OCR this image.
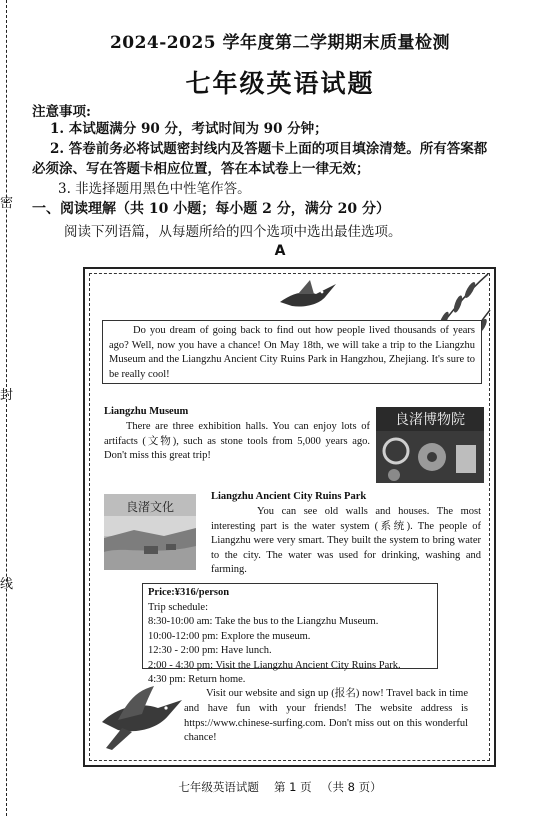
密
封
线
2024-2025 学年度第二学期期末质量检测
七年级英语试题
注意事项:
1. 本试题满分 90 分，考试时间为 90 分钟；
2. 答卷前务必将试题密封线内及答题卡上面的项目填涂清楚。所有答案都
必须涂、写在答题卡相应位置，答在本试卷上一律无效；
3. 非选择题用黑色中性笔作答。
一、阅读理解（共 10 小题；每小题 2 分，满分 20 分）
阅读下列语篇，从每题所给的四个选项中选出最佳选项。
A
Do you dream of going back to find out how people lived thousands of years ago? Well, now you have a chance! On May 18th, we will take a trip to the Liangzhu Museum and the Liangzhu Ancient City Ruins Park in Hangzhou, Zhejiang. It's sure to be really cool!
Liangzhu Museum
There are three exhibition halls. You can enjoy lots of artifacts (文物), such as stone tools from 5,000 years ago. Don't miss this great trip!
良渚博物院
良渚文化
Liangzhu Ancient City Ruins Park
You can see old walls and houses. The most interesting part is the water system (系统). The people of Liangzhu were very smart. They built the system to bring water to the city. The water was used for drinking, washing and farming.
Price:¥316/person
Trip schedule:
8:30-10:00 am: Take the bus to the Liangzhu Museum.
10:00-12:00 pm: Explore the museum.
12:30 - 2:00 pm: Have lunch.
2:00 - 4:30 pm: Visit the Liangzhu Ancient City Ruins Park.
4:30 pm: Return home.
Visit our website and sign up (报名) now! Travel back in time and have fun with your friends! The website address is https://www.chinese-surfing.com. Don't miss out on this wonderful chance!
七年级英语试题　 第 1 页 　（共 8 页）
